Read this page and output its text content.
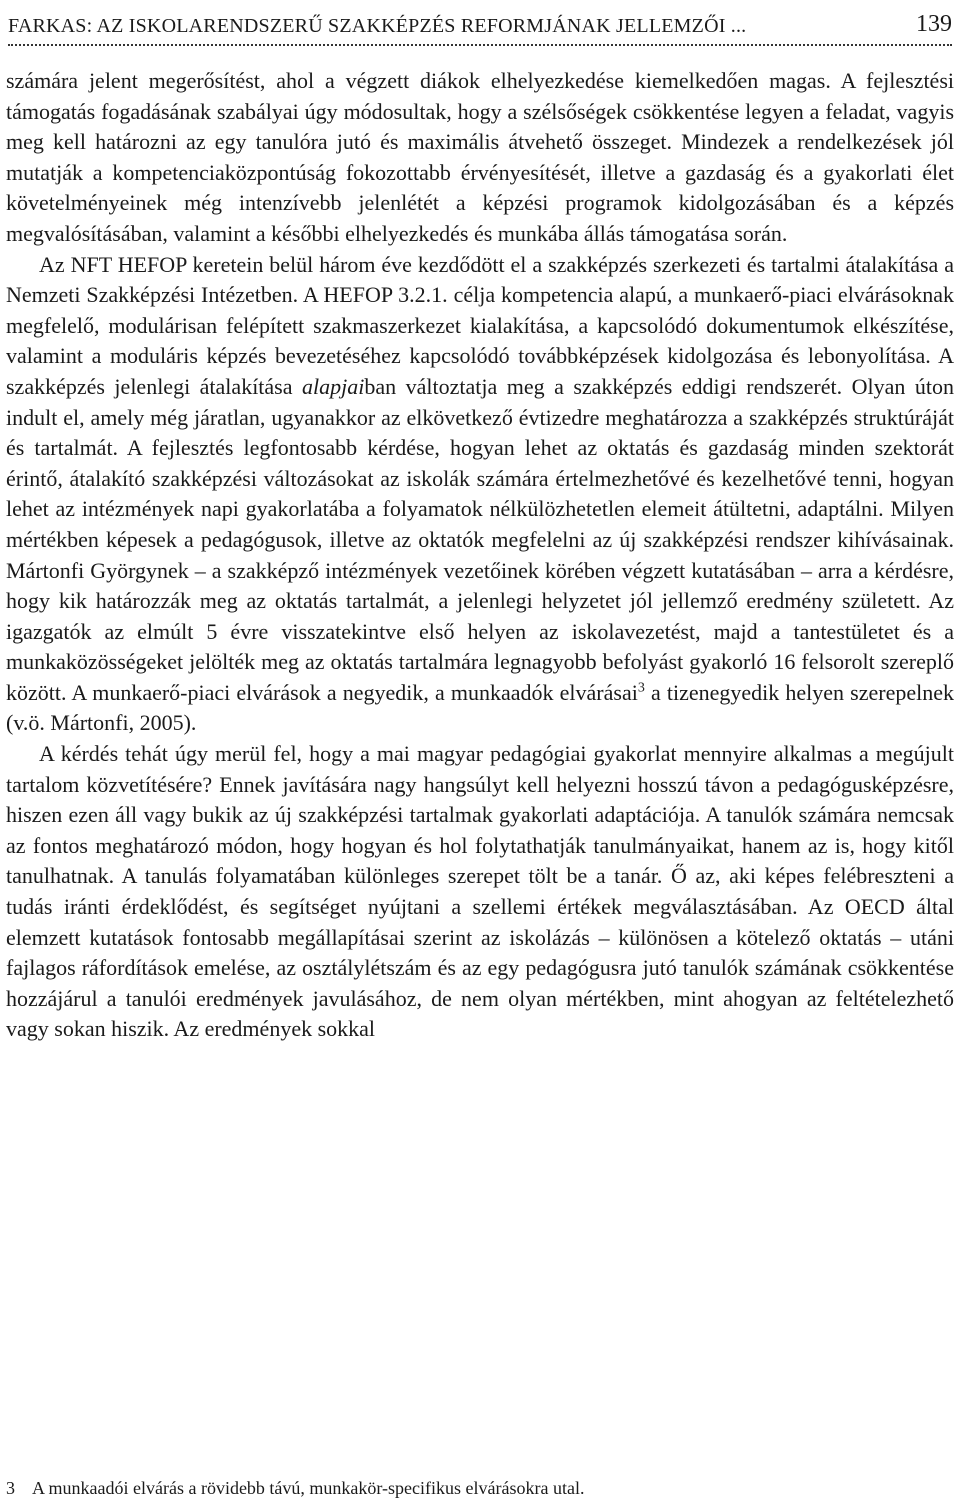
FARKAS: AZ ISKOLARENDSZERŰ SZAKKÉPZÉS REFORMJÁNAK JELLEMZŐI ...	139

számára jelent megerősítést, ahol a végzett diákok elhelyezkedése kiemelkedően magas. A fejlesztési támogatás fogadásának szabályai úgy módosultak, hogy a szélsőségek csökkentése legyen a feladat, vagyis meg kell határozni az egy tanulóra jutó és maximális átvehető összeget. Mindezek a rendelkezések jól mutatják a kompetenciaközpontúság fokozottabb érvényesítését, illetve a gazdaság és a gyakorlati élet követelményeinek még intenzívebb jelenlétét a képzési programok kidolgozásában és a képzés megvalósításában, valamint a későbbi elhelyezkedés és munkába állás támogatása során.

Az NFT HEFOP keretein belül három éve kezdődött el a szakképzés szerkezeti és tartalmi átalakítása a Nemzeti Szakképzési Intézetben. A HEFOP 3.2.1. célja kompetencia alapú, a munkaerő-piaci elvárásoknak megfelelő, modulárisan felépített szakmaszerkezet kialakítása, a kapcsolódó dokumentumok elkészítése, valamint a moduláris képzés bevezetéséhez kapcsolódó továbbképzések kidolgozása és lebonyolítása. A szakképzés jelenlegi átalakítása alapjaiban változtatja meg a szakképzés eddigi rendszerét. Olyan úton indult el, amely még járatlan, ugyanakkor az elkövetkező évtizedre meghatározza a szakképzés struktúráját és tartalmát. A fejlesztés legfontosabb kérdése, hogyan lehet az oktatás és gazdaság minden szektorát érintő, átalakító szakképzési változásokat az iskolák számára értelmezhetővé és kezelhetővé tenni, hogyan lehet az intézmények napi gyakorlatába a folyamatok nélkülözhetetlen elemeit átültetni, adaptálni. Milyen mértékben képesek a pedagógusok, illetve az oktatók megfelelni az új szakképzési rendszer kihívásainak. Mártonfi Györgynek – a szakképző intézmények vezetőinek körében végzett kutatásában – arra a kérdésre, hogy kik határozzák meg az oktatás tartalmát, a jelenlegi helyzetet jól jellemző eredmény született. Az igazgatók az elmúlt 5 évre visszatekintve első helyen az iskolavezetést, majd a tantestületet és a munkaközösségeket jelölték meg az oktatás tartalmára legnagyobb befolyást gyakorló 16 felsorolt szereplő között. A munkaerő-piaci elvárások a negyedik, a munkaadók elvárásai$^3$ a tizenegyedik helyen szerepelnek (v.ö. Mártonfi, 2005).

A kérdés tehát úgy merül fel, hogy a mai magyar pedagógiai gyakorlat mennyire alkalmas a megújult tartalom közvetítésére? Ennek javítására nagy hangsúlyt kell helyezni hosszú távon a pedagógusképzésre, hiszen ezen áll vagy bukik az új szakképzési tartalmak gyakorlati adaptációja. A tanulók számára nemcsak az fontos meghatározó módon, hogy hogyan és hol folytathatják tanulmányaikat, hanem az is, hogy kitől tanulhatnak. A tanulás folyamatában különleges szerepet tölt be a tanár. Ő az, aki képes felébreszteni a tudás iránti érdeklődést, és segítséget nyújtani a szellemi értékek megválasztásában. Az OECD által elemzett kutatások fontosabb megállapításai szerint az iskolázás – különösen a kötelező oktatás – utáni fajlagos ráfordítások emelése, az osztálylétszám és az egy pedagógusra jutó tanulók számának csökkentése hozzájárul a tanulói eredmények javulásához, de nem olyan mértékben, mint ahogyan az feltételezhető vagy sokan hiszik. Az eredmények sokkal

3 A munkaadói elvárás a rövidebb távú, munkakör-specifikus elvárásokra utal.
